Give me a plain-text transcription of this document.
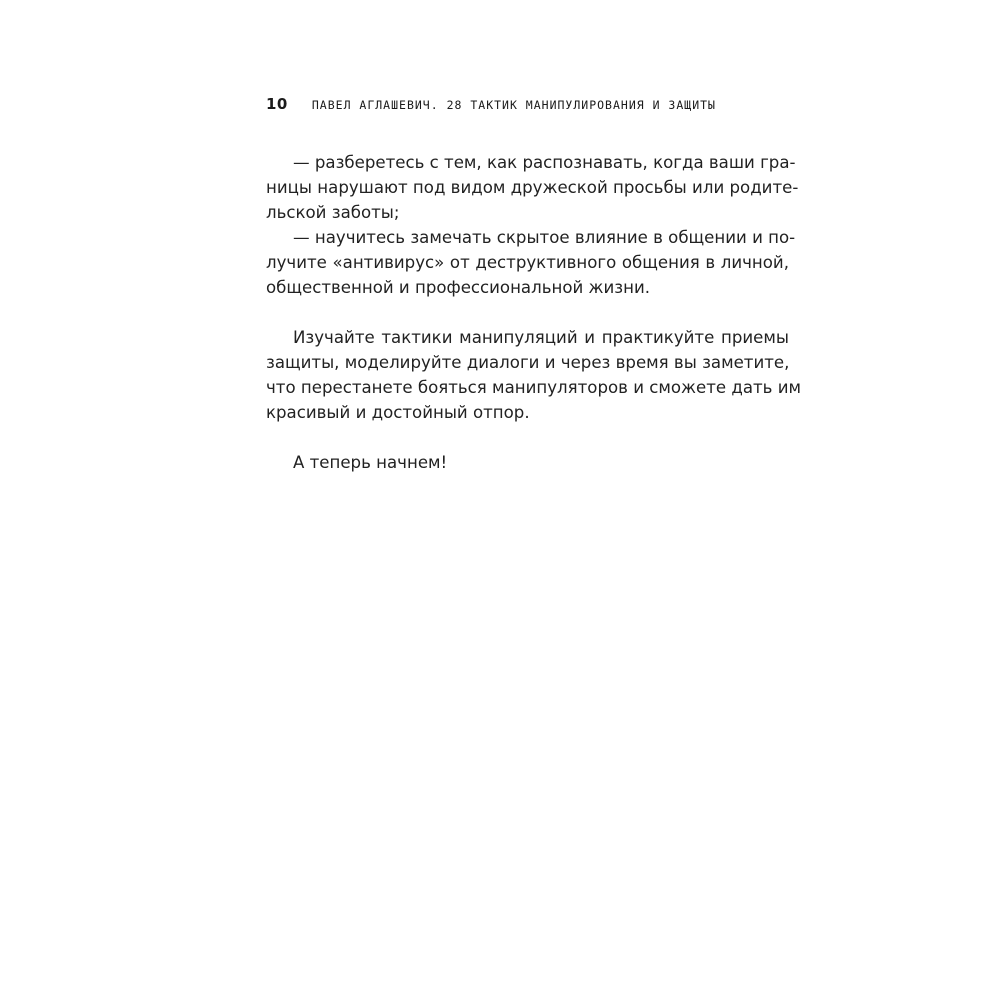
10 ПАВЕЛ АГЛАШЕВИЧ. 28 ТАКТИК МАНИПУЛИРОВАНИЯ И ЗАЩИТЫ
— разберетесь с тем, как распознавать, когда ваши гра-
ницы нарушают под видом дружеской просьбы или родите-
льской заботы;
— научитесь замечать скрытое влияние в общении и по-
лучите «антивирус» от деструктивного общения в личной,
общественной и профессиональной жизни.
Изучайте тактики манипуляций и практикуйте приемы
защиты, моделируйте диалоги и через время вы заметите,
что перестанете бояться манипуляторов и сможете дать им
красивый и достойный отпор.
А теперь начнем!
